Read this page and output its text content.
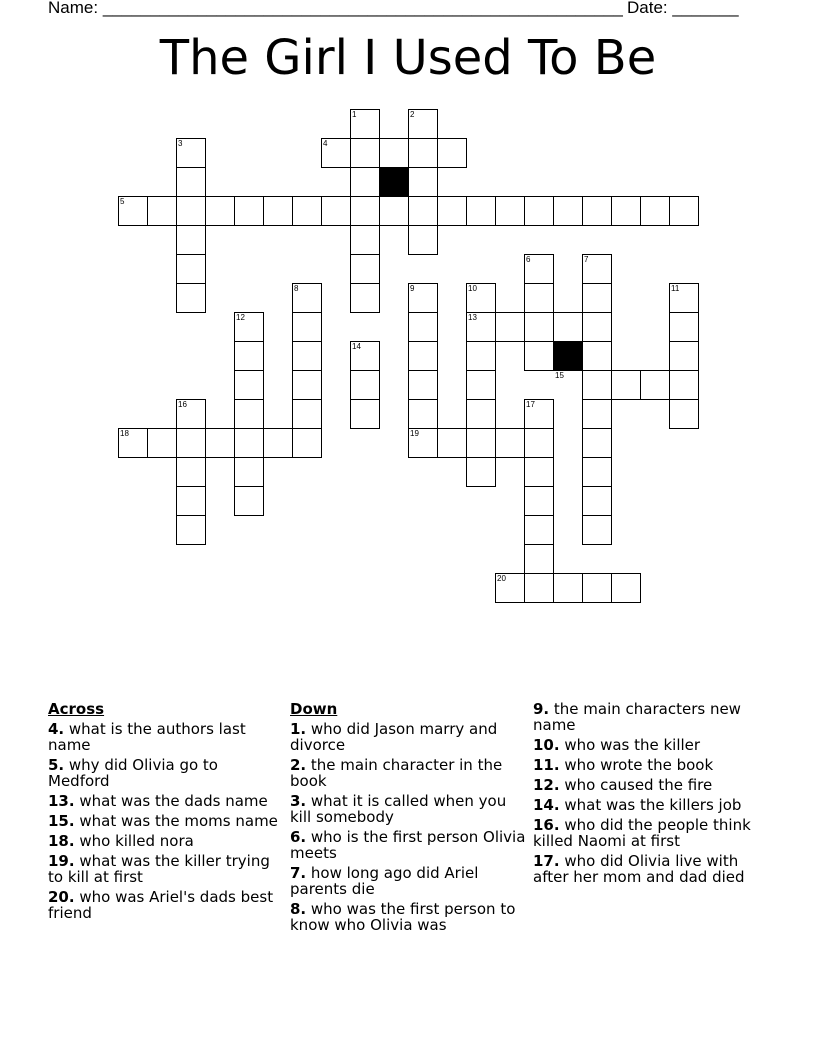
Name: _______________________________________________________ Date: _______
The Girl I Used To Be
1	2
3	4
5
6	7
8	9	10	11
12	13
14
15
16	17
18	19
20
Across
4. what is the authors last name
5. why did Olivia go to Medford
13. what was the dads name
15. what was the moms name
18. who killed nora
19. what was the killer trying to kill at first
20. who was Ariel's dads best friend
Down
1. who did Jason marry and divorce
2. the main character in the book
3. what it is called when you kill somebody
6. who is the first person Olivia meets
7. how long ago did Ariel parents die
8. who was the first person to know who Olivia was
9. the main characters new name
10. who was the killer
11. who wrote the book
12. who caused the fire
14. what was the killers job
16. who did the people think killed Naomi at first
17. who did Olivia live with after her mom and dad died
